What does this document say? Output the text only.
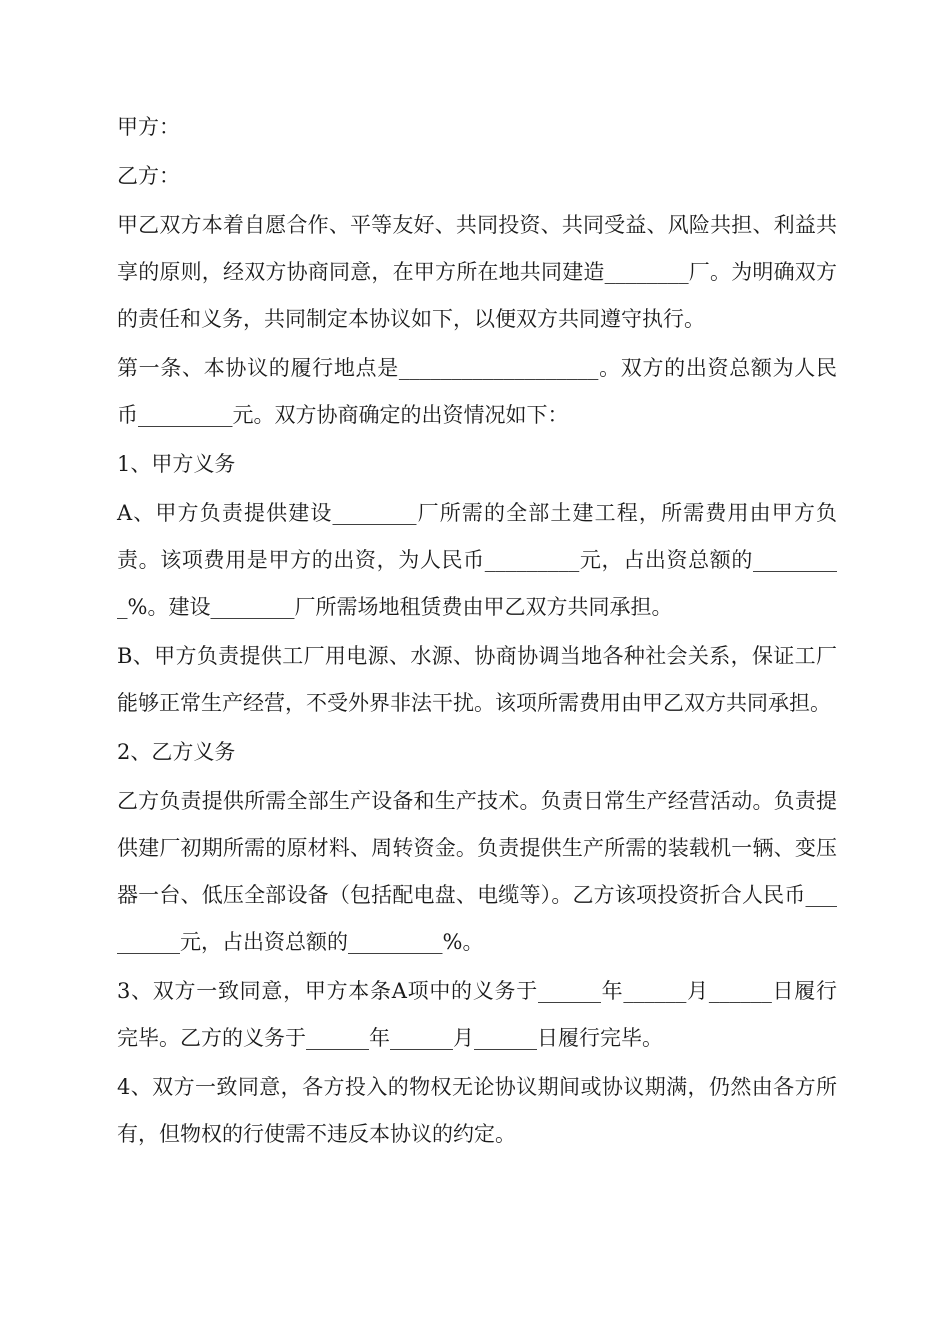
甲方：

乙方：

甲乙双方本着自愿合作、平等友好、共同投资、共同受益、风险共担、利益共享的原则，经双方协商同意，在甲方所在地共同建造________厂。为明确双方的责任和义务，共同制定本协议如下，以便双方共同遵守执行。

第一条、本协议的履行地点是___________________。双方的出资总额为人民币_________元。双方协商确定的出资情况如下：

1、甲方义务

A、甲方负责提供建设________厂所需的全部土建工程，所需费用由甲方负责。该项费用是甲方的出资，为人民币_________元，占出资总额的_________%。建设________厂所需场地租赁费由甲乙双方共同承担。

B、甲方负责提供工厂用电源、水源、协商协调当地各种社会关系，保证工厂能够正常生产经营，不受外界非法干扰。该项所需费用由甲乙双方共同承担。

2、乙方义务

乙方负责提供所需全部生产设备和生产技术。负责日常生产经营活动。负责提供建厂初期所需的原材料、周转资金。负责提供生产所需的装载机一辆、变压器一台、低压全部设备（包括配电盘、电缆等）。乙方该项投资折合人民币_________元，占出资总额的_________%。

3、双方一致同意，甲方本条A项中的义务于______年______月______日履行完毕。乙方的义务于______年______月______日履行完毕。

4、双方一致同意，各方投入的物权无论协议期间或协议期满，仍然由各方所有，但物权的行使需不违反本协议的约定。
